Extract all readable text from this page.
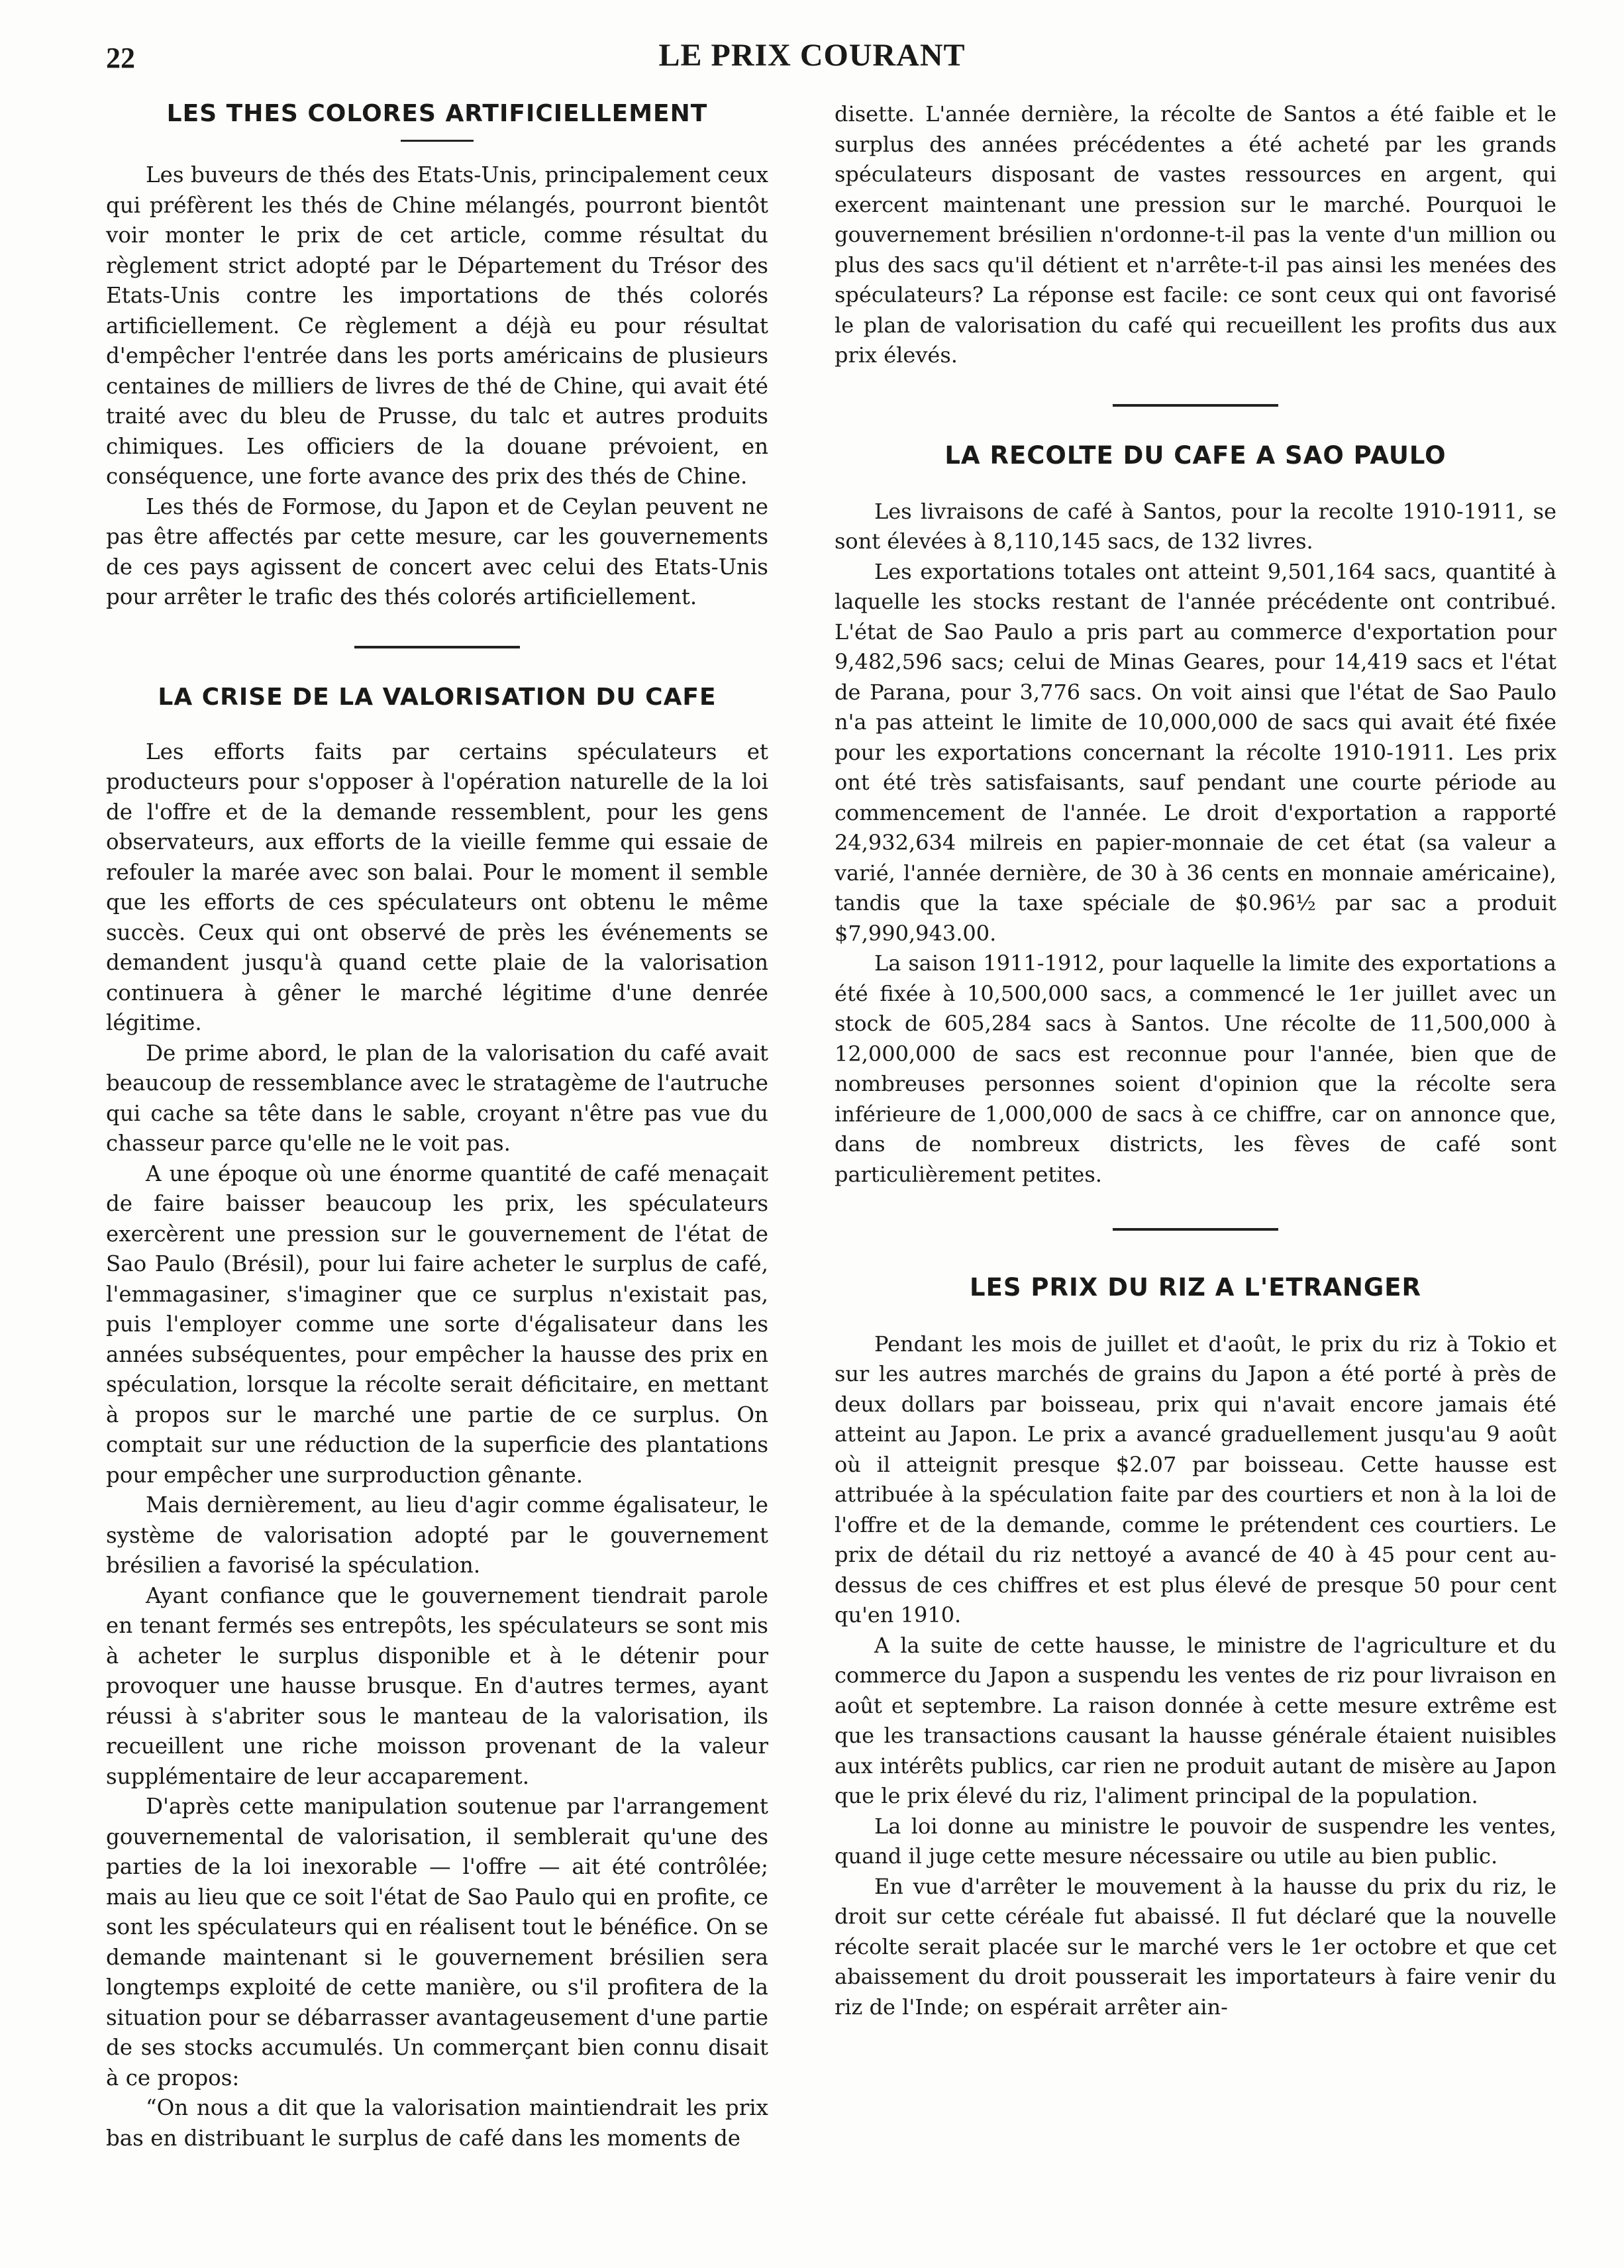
22	LE PRIX COURANT
LES THES COLORES ARTIFICIELLEMENT

Les buveurs de thés des Etats-Unis, principalement ceux qui préfèrent les thés de Chine mélangés, pourront bientôt voir monter le prix de cet article, comme résultat du règlement strict adopté par le Département du Trésor des Etats-Unis contre les importations de thés colorés artificiellement. Ce règlement a déjà eu pour résultat d'empêcher l'entrée dans les ports américains de plusieurs centaines de milliers de livres de thé de Chine, qui avait été traité avec du bleu de Prusse, du talc et autres produits chimiques. Les officiers de la douane prévoient, en conséquence, une forte avance des prix des thés de Chine.

Les thés de Formose, du Japon et de Ceylan peuvent ne pas être affectés par cette mesure, car les gouvernements de ces pays agissent de concert avec celui des Etats-Unis pour arrêter le trafic des thés colorés artificiellement.

LA CRISE DE LA VALORISATION DU CAFE

Les efforts faits par certains spéculateurs et producteurs pour s'opposer à l'opération naturelle de la loi de l'offre et de la demande ressemblent, pour les gens observateurs, aux efforts de la vieille femme qui essaie de refouler la marée avec son balai. Pour le moment il semble que les efforts de ces spéculateurs ont obtenu le même succès. Ceux qui ont observé de près les événements se demandent jusqu'à quand cette plaie de la valorisation continuera à gêner le marché légitime d'une denrée légitime.

De prime abord, le plan de la valorisation du café avait beaucoup de ressemblance avec le stratagème de l'autruche qui cache sa tête dans le sable, croyant n'être pas vue du chasseur parce qu'elle ne le voit pas.

A une époque où une énorme quantité de café menaçait de faire baisser beaucoup les prix, les spéculateurs exercèrent une pression sur le gouvernement de l'état de Sao Paulo (Brésil), pour lui faire acheter le surplus de café, l'emmagasiner, s'imaginer que ce surplus n'existait pas, puis l'employer comme une sorte d'égalisateur dans les années subséquentes, pour empêcher la hausse des prix en spéculation, lorsque la récolte serait déficitaire, en mettant à propos sur le marché une partie de ce surplus. On comptait sur une réduction de la superficie des plantations pour empêcher une surproduction gênante.

Mais dernièrement, au lieu d'agir comme égalisateur, le système de valorisation adopté par le gouvernement brésilien a favorisé la spéculation.

Ayant confiance que le gouvernement tiendrait parole en tenant fermés ses entrepôts, les spéculateurs se sont mis à acheter le surplus disponible et à le détenir pour provoquer une hausse brusque. En d'autres termes, ayant réussi à s'abriter sous le manteau de la valorisation, ils recueillent une riche moisson provenant de la valeur supplémentaire de leur accaparement.

D'après cette manipulation soutenue par l'arrangement gouvernemental de valorisation, il semblerait qu'une des parties de la loi inexorable — l'offre — ait été contrôlée; mais au lieu que ce soit l'état de Sao Paulo qui en profite, ce sont les spéculateurs qui en réalisent tout le bénéfice. On se demande maintenant si le gouvernement brésilien sera longtemps exploité de cette manière, ou s'il profitera de la situation pour se débarrasser avantageusement d'une partie de ses stocks accumulés. Un commerçant bien connu disait à ce propos:

“On nous a dit que la valorisation maintiendrait les prix bas en distribuant le surplus de café dans les moments de

disette. L'année dernière, la récolte de Santos a été faible et le surplus des années précédentes a été acheté par les grands spéculateurs disposant de vastes ressources en argent, qui exercent maintenant une pression sur le marché. Pourquoi le gouvernement brésilien n'ordonne-t-il pas la vente d'un million ou plus des sacs qu'il détient et n'arrête-t-il pas ainsi les menées des spéculateurs? La réponse est facile: ce sont ceux qui ont favorisé le plan de valorisation du café qui recueillent les profits dus aux prix élevés.

LA RECOLTE DU CAFE A SAO PAULO

Les livraisons de café à Santos, pour la recolte 1910-1911, se sont élevées à 8,110,145 sacs, de 132 livres.

Les exportations totales ont atteint 9,501,164 sacs, quantité à laquelle les stocks restant de l'année précédente ont contribué. L'état de Sao Paulo a pris part au commerce d'exportation pour 9,482,596 sacs; celui de Minas Geares, pour 14,419 sacs et l'état de Parana, pour 3,776 sacs. On voit ainsi que l'état de Sao Paulo n'a pas atteint le limite de 10,000,000 de sacs qui avait été fixée pour les exportations concernant la récolte 1910-1911. Les prix ont été très satisfaisants, sauf pendant une courte période au commencement de l'année. Le droit d'exportation a rapporté 24,932,634 milreis en papier-monnaie de cet état (sa valeur a varié, l'année dernière, de 30 à 36 cents en monnaie américaine), tandis que la taxe spéciale de $0.96½ par sac a produit $7,990,943.00.

La saison 1911-1912, pour laquelle la limite des exportations a été fixée à 10,500,000 sacs, a commencé le 1er juillet avec un stock de 605,284 sacs à Santos. Une récolte de 11,500,000 à 12,000,000 de sacs est reconnue pour l'année, bien que de nombreuses personnes soient d'opinion que la récolte sera inférieure de 1,000,000 de sacs à ce chiffre, car on annonce que, dans de nombreux districts, les fèves de café sont particulièrement petites.

LES PRIX DU RIZ A L'ETRANGER

Pendant les mois de juillet et d'août, le prix du riz à Tokio et sur les autres marchés de grains du Japon a été porté à près de deux dollars par boisseau, prix qui n'avait encore jamais été atteint au Japon. Le prix a avancé graduellement jusqu'au 9 août où il atteignit presque $2.07 par boisseau. Cette hausse est attribuée à la spéculation faite par des courtiers et non à la loi de l'offre et de la demande, comme le prétendent ces courtiers. Le prix de détail du riz nettoyé a avancé de 40 à 45 pour cent au-dessus de ces chiffres et est plus élevé de presque 50 pour cent qu'en 1910.

A la suite de cette hausse, le ministre de l'agriculture et du commerce du Japon a suspendu les ventes de riz pour livraison en août et septembre. La raison donnée à cette mesure extrême est que les transactions causant la hausse générale étaient nuisibles aux intérêts publics, car rien ne produit autant de misère au Japon que le prix élevé du riz, l'aliment principal de la population.

La loi donne au ministre le pouvoir de suspendre les ventes, quand il juge cette mesure nécessaire ou utile au bien public.

En vue d'arrêter le mouvement à la hausse du prix du riz, le droit sur cette céréale fut abaissé. Il fut déclaré que la nouvelle récolte serait placée sur le marché vers le 1er octobre et que cet abaissement du droit pousserait les importateurs à faire venir du riz de l'Inde; on espérait arrêter ain-
